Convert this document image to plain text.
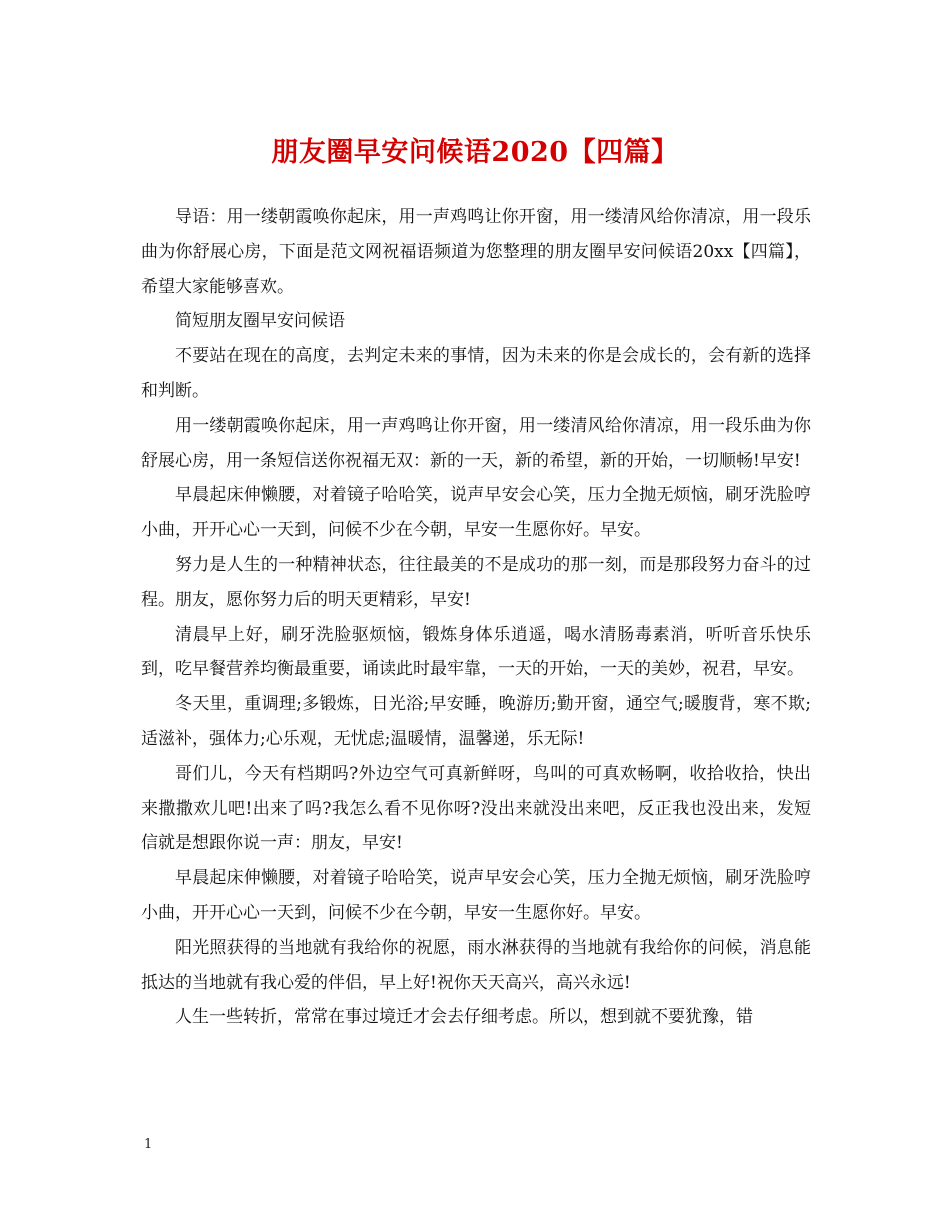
朋友圈早安问候语2020【四篇】

导语：用一缕朝霞唤你起床，用一声鸡鸣让你开窗，用一缕清风给你清凉，用一段乐曲为你舒展心房，下面是范文网祝福语频道为您整理的朋友圈早安问候语20xx【四篇】，希望大家能够喜欢。

简短朋友圈早安问候语

不要站在现在的高度，去判定未来的事情，因为未来的你是会成长的，会有新的选择和判断。

用一缕朝霞唤你起床，用一声鸡鸣让你开窗，用一缕清风给你清凉，用一段乐曲为你舒展心房，用一条短信送你祝福无双：新的一天，新的希望，新的开始，一切顺畅!早安!

早晨起床伸懒腰，对着镜子哈哈笑，说声早安会心笑，压力全抛无烦恼，刷牙洗脸哼小曲，开开心心一天到，问候不少在今朝，早安一生愿你好。早安。

努力是人生的一种精神状态，往往最美的不是成功的那一刻，而是那段努力奋斗的过程。朋友，愿你努力后的明天更精彩，早安!

清晨早上好，刷牙洗脸驱烦恼，锻炼身体乐逍遥，喝水清肠毒素消，听听音乐快乐到，吃早餐营养均衡最重要，诵读此时最牢靠，一天的开始，一天的美妙，祝君，早安。

冬天里，重调理;多锻炼，日光浴;早安睡，晚游历;勤开窗，通空气;暖腹背，寒不欺;适滋补，强体力;心乐观，无忧虑;温暖情，温馨递，乐无际!

哥们儿，今天有档期吗?外边空气可真新鲜呀，鸟叫的可真欢畅啊，收拾收拾，快出来撒撒欢儿吧!出来了吗?我怎么看不见你呀?没出来就没出来吧，反正我也没出来，发短信就是想跟你说一声：朋友，早安!

早晨起床伸懒腰，对着镜子哈哈笑，说声早安会心笑，压力全抛无烦恼，刷牙洗脸哼小曲，开开心心一天到，问候不少在今朝，早安一生愿你好。早安。

阳光照获得的当地就有我给你的祝愿，雨水淋获得的当地就有我给你的问候，消息能抵达的当地就有我心爱的伴侣，早上好!祝你天天高兴，高兴永远!

人生一些转折，常常在事过境迁才会去仔细考虑。所以，想到就不要犹豫，错

1
